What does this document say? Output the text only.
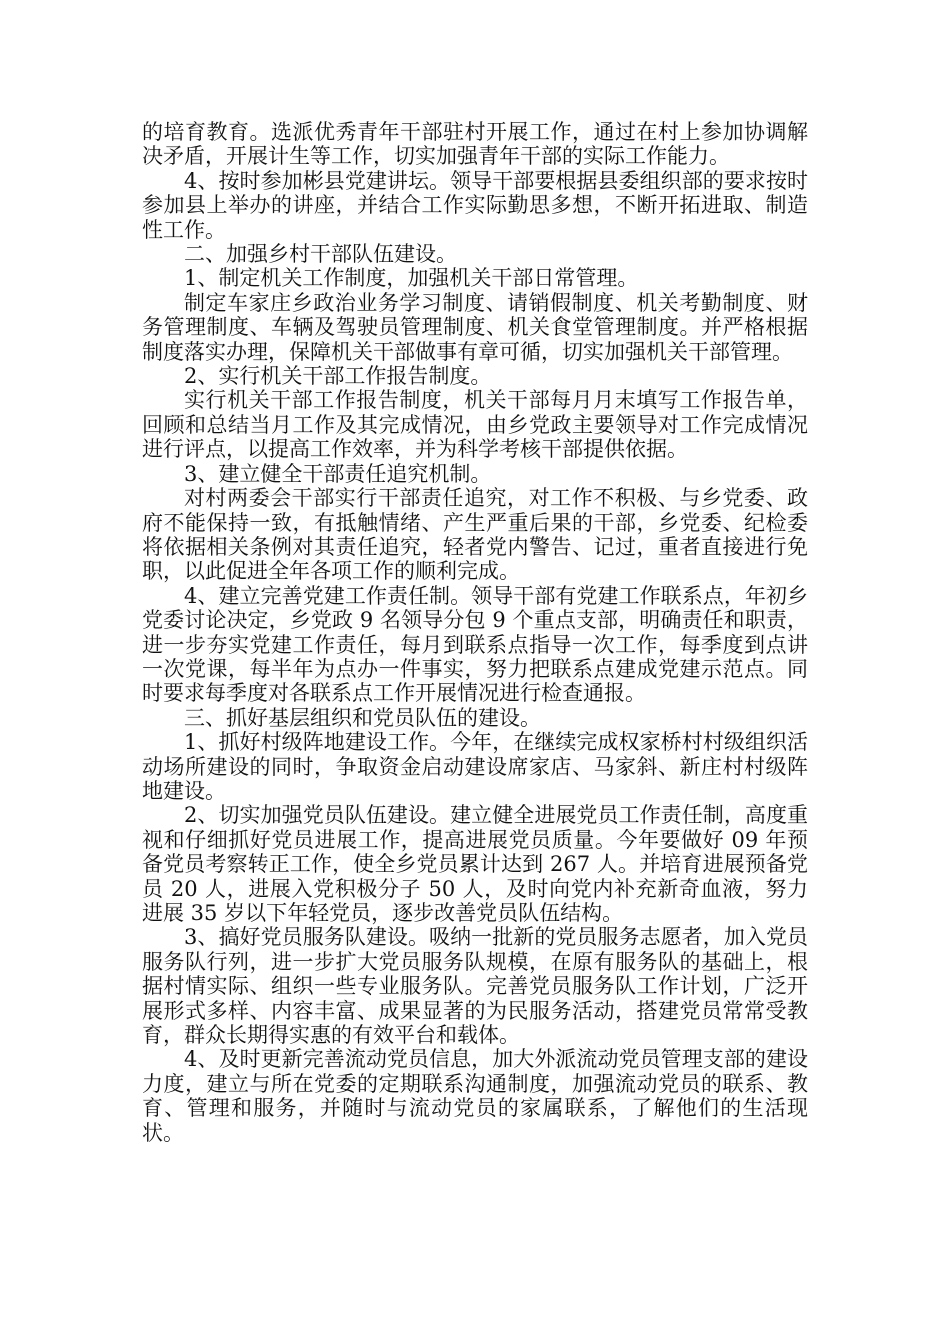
的培育教育。选派优秀青年干部驻村开展工作，通过在村上参加协调解决矛盾，开展计生等工作，切实加强青年干部的实际工作能力。

4、按时参加彬县党建讲坛。领导干部要根据县委组织部的要求按时参加县上举办的讲座，并结合工作实际勤思多想，不断开拓进取、制造性工作。

二、加强乡村干部队伍建设。

1、制定机关工作制度，加强机关干部日常管理。

制定车家庄乡政治业务学习制度、请销假制度、机关考勤制度、财务管理制度、车辆及驾驶员管理制度、机关食堂管理制度。并严格根据制度落实办理，保障机关干部做事有章可循，切实加强机关干部管理。

2、实行机关干部工作报告制度。

实行机关干部工作报告制度，机关干部每月月末填写工作报告单，回顾和总结当月工作及其完成情况，由乡党政主要领导对工作完成情况进行评点，以提高工作效率，并为科学考核干部提供依据。

3、建立健全干部责任追究机制。

对村两委会干部实行干部责任追究，对工作不积极、与乡党委、政府不能保持一致，有抵触情绪、产生严重后果的干部，乡党委、纪检委将依据相关条例对其责任追究，轻者党内警告、记过，重者直接进行免职，以此促进全年各项工作的顺利完成。

4、建立完善党建工作责任制。领导干部有党建工作联系点，年初乡党委讨论决定，乡党政 9 名领导分包 9 个重点支部，明确责任和职责，进一步夯实党建工作责任，每月到联系点指导一次工作，每季度到点讲一次党课，每半年为点办一件事实，努力把联系点建成党建示范点。同时要求每季度对各联系点工作开展情况进行检查通报。

三、抓好基层组织和党员队伍的建设。

1、抓好村级阵地建设工作。今年，在继续完成权家桥村村级组织活动场所建设的同时，争取资金启动建设席家店、马家斜、新庄村村级阵地建设。

2、切实加强党员队伍建设。建立健全进展党员工作责任制，高度重视和仔细抓好党员进展工作，提高进展党员质量。今年要做好 09 年预备党员考察转正工作，使全乡党员累计达到 267 人。并培育进展预备党员 20 人，进展入党积极分子 50 人，及时向党内补充新奇血液，努力进展 35 岁以下年轻党员，逐步改善党员队伍结构。

3、搞好党员服务队建设。吸纳一批新的党员服务志愿者，加入党员服务队行列，进一步扩大党员服务队规模，在原有服务队的基础上，根据村情实际、组织一些专业服务队。完善党员服务队工作计划，广泛开展形式多样、内容丰富、成果显著的为民服务活动，搭建党员常常受教育，群众长期得实惠的有效平台和载体。

4、及时更新完善流动党员信息，加大外派流动党员管理支部的建设力度，建立与所在党委的定期联系沟通制度，加强流动党员的联系、教育、管理和服务，并随时与流动党员的家属联系，了解他们的生活现状。
